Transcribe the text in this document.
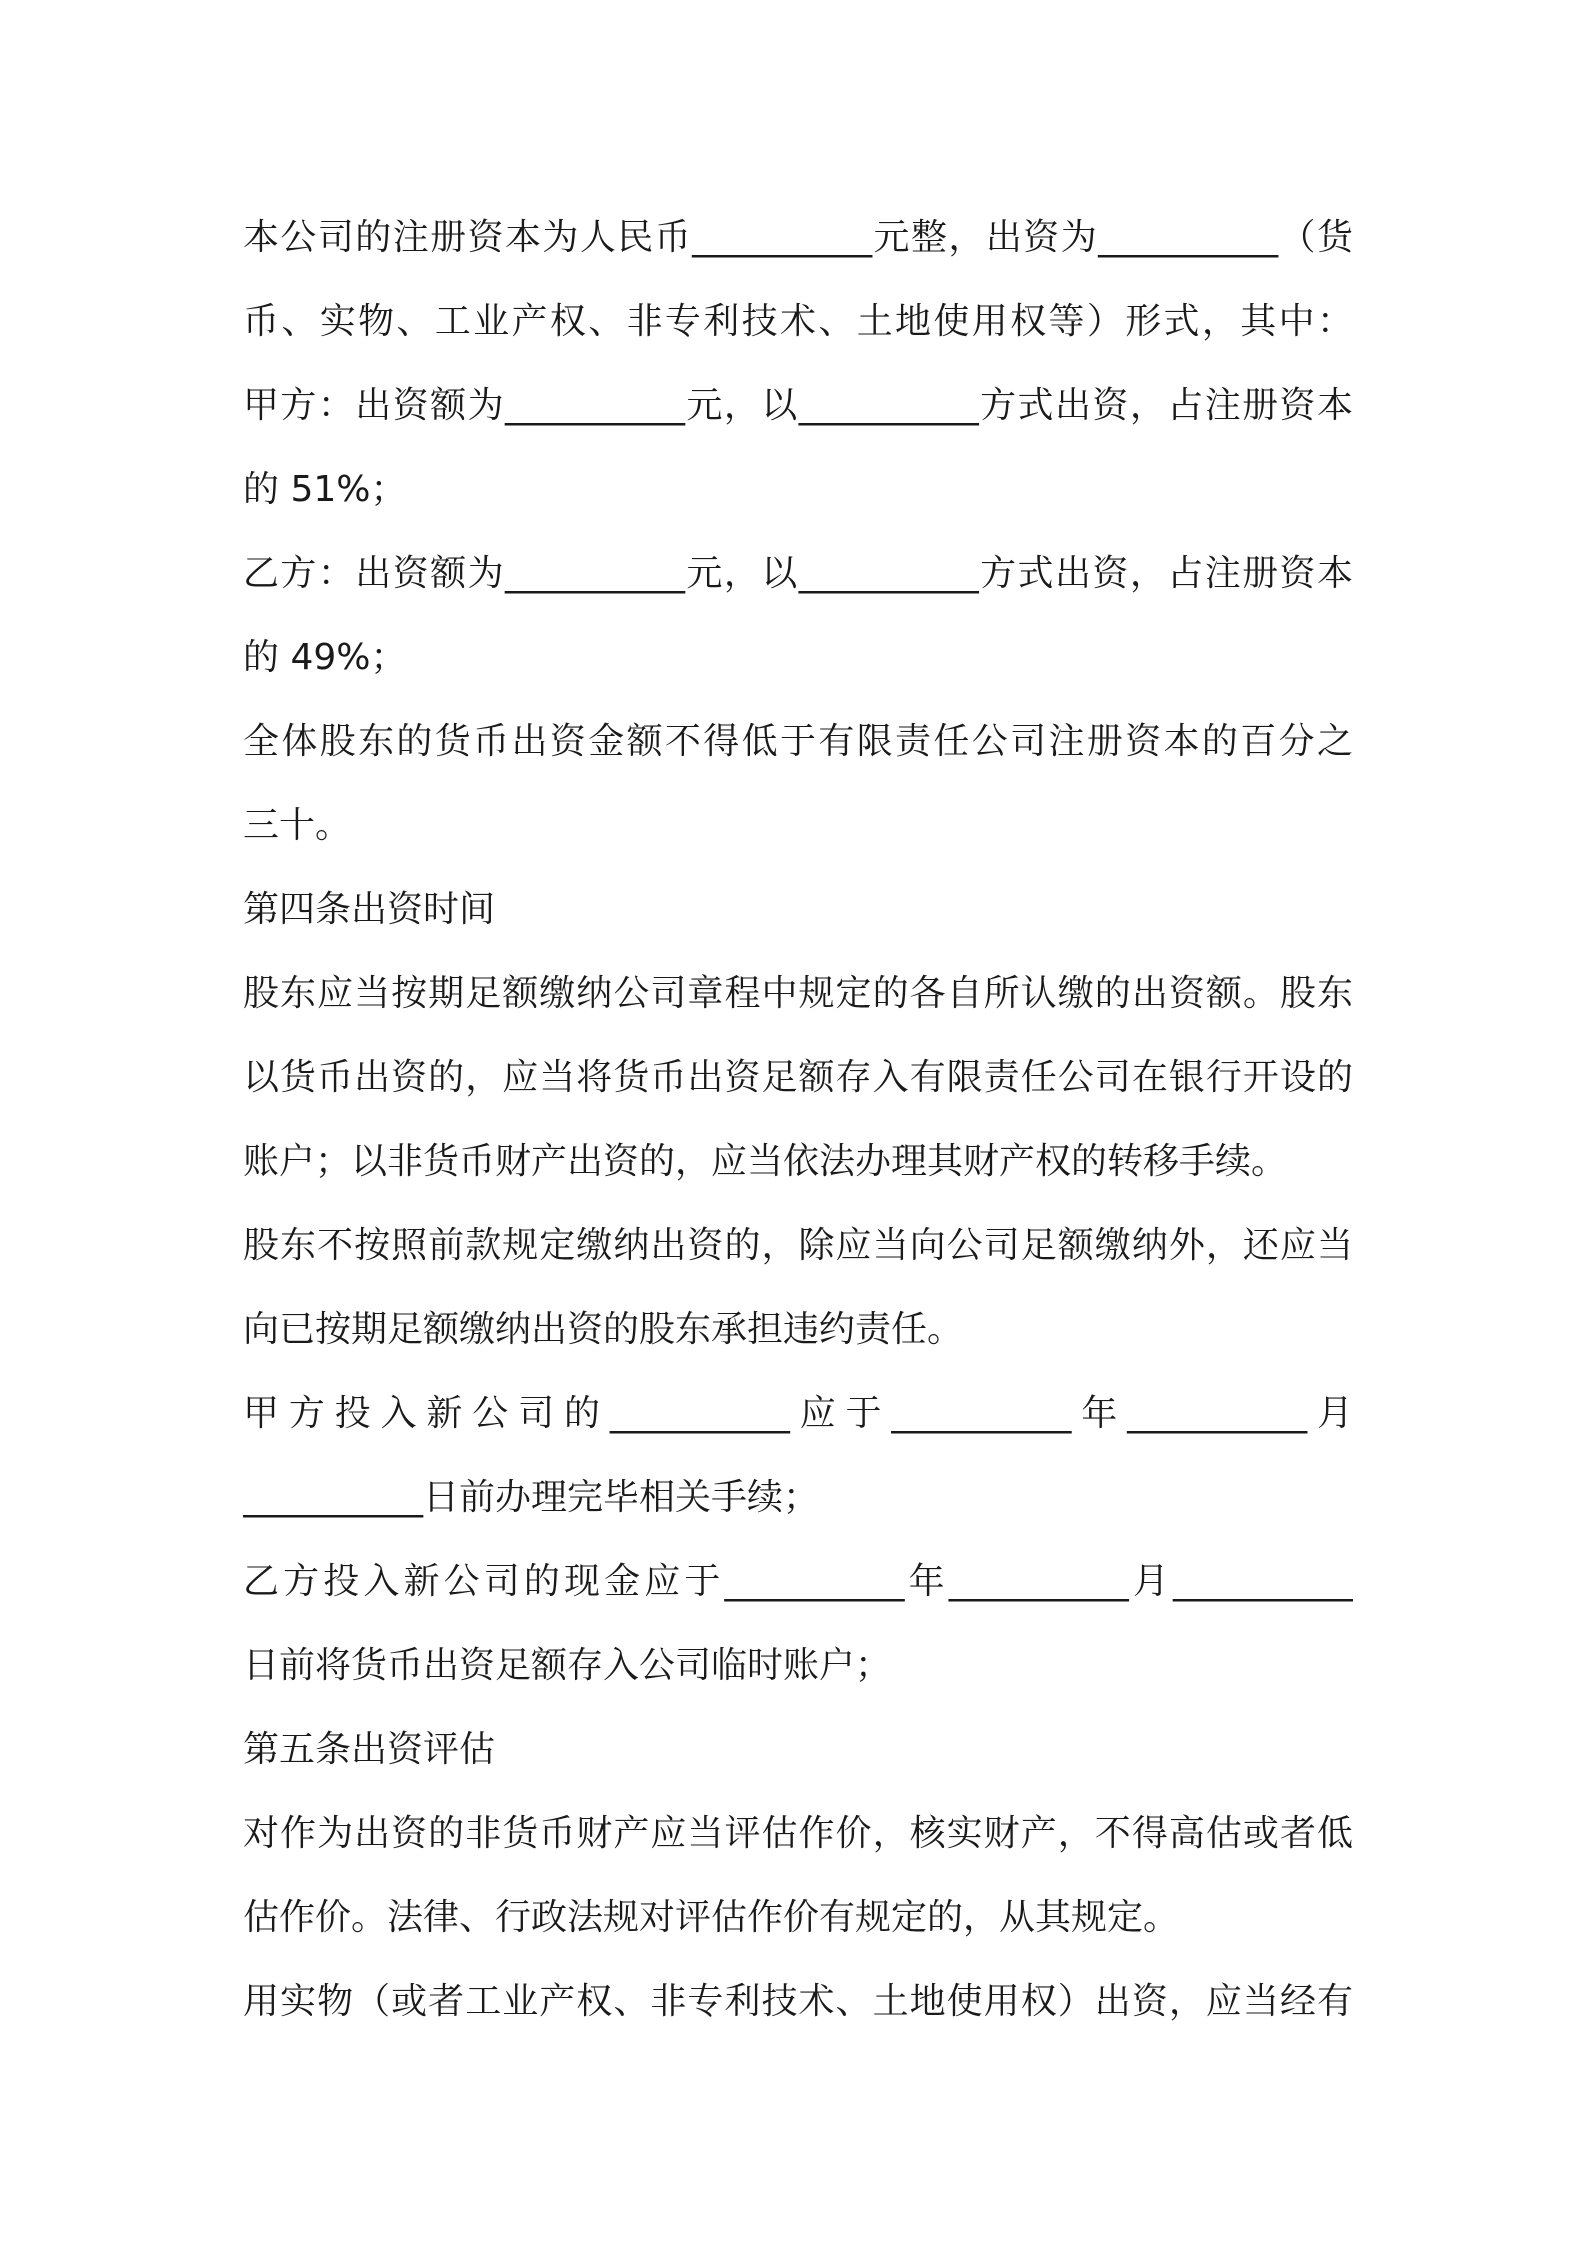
本公司的注册资本为人民币__________元整，出资为__________（货
币、实物、工业产权、非专利技术、土地使用权等）形式，其中：
甲方：出资额为__________元，以__________方式出资，占注册资本
的 51%；
乙方：出资额为__________元，以__________方式出资，占注册资本
的 49%；
全体股东的货币出资金额不得低于有限责任公司注册资本的百分之
三十。
第四条出资时间
股东应当按期足额缴纳公司章程中规定的各自所认缴的出资额。股东
以货币出资的，应当将货币出资足额存入有限责任公司在银行开设的
账户；以非货币财产出资的，应当依法办理其财产权的转移手续。
股东不按照前款规定缴纳出资的，除应当向公司足额缴纳外，还应当
向已按期足额缴纳出资的股东承担违约责任。
甲方投入新公司的__________应于__________年__________月
__________日前办理完毕相关手续；
乙方投入新公司的现金应于__________年__________月__________
日前将货币出资足额存入公司临时账户；
第五条出资评估
对作为出资的非货币财产应当评估作价，核实财产，不得高估或者低
估作价。法律、行政法规对评估作价有规定的，从其规定。
用实物（或者工业产权、非专利技术、土地使用权）出资，应当经有
